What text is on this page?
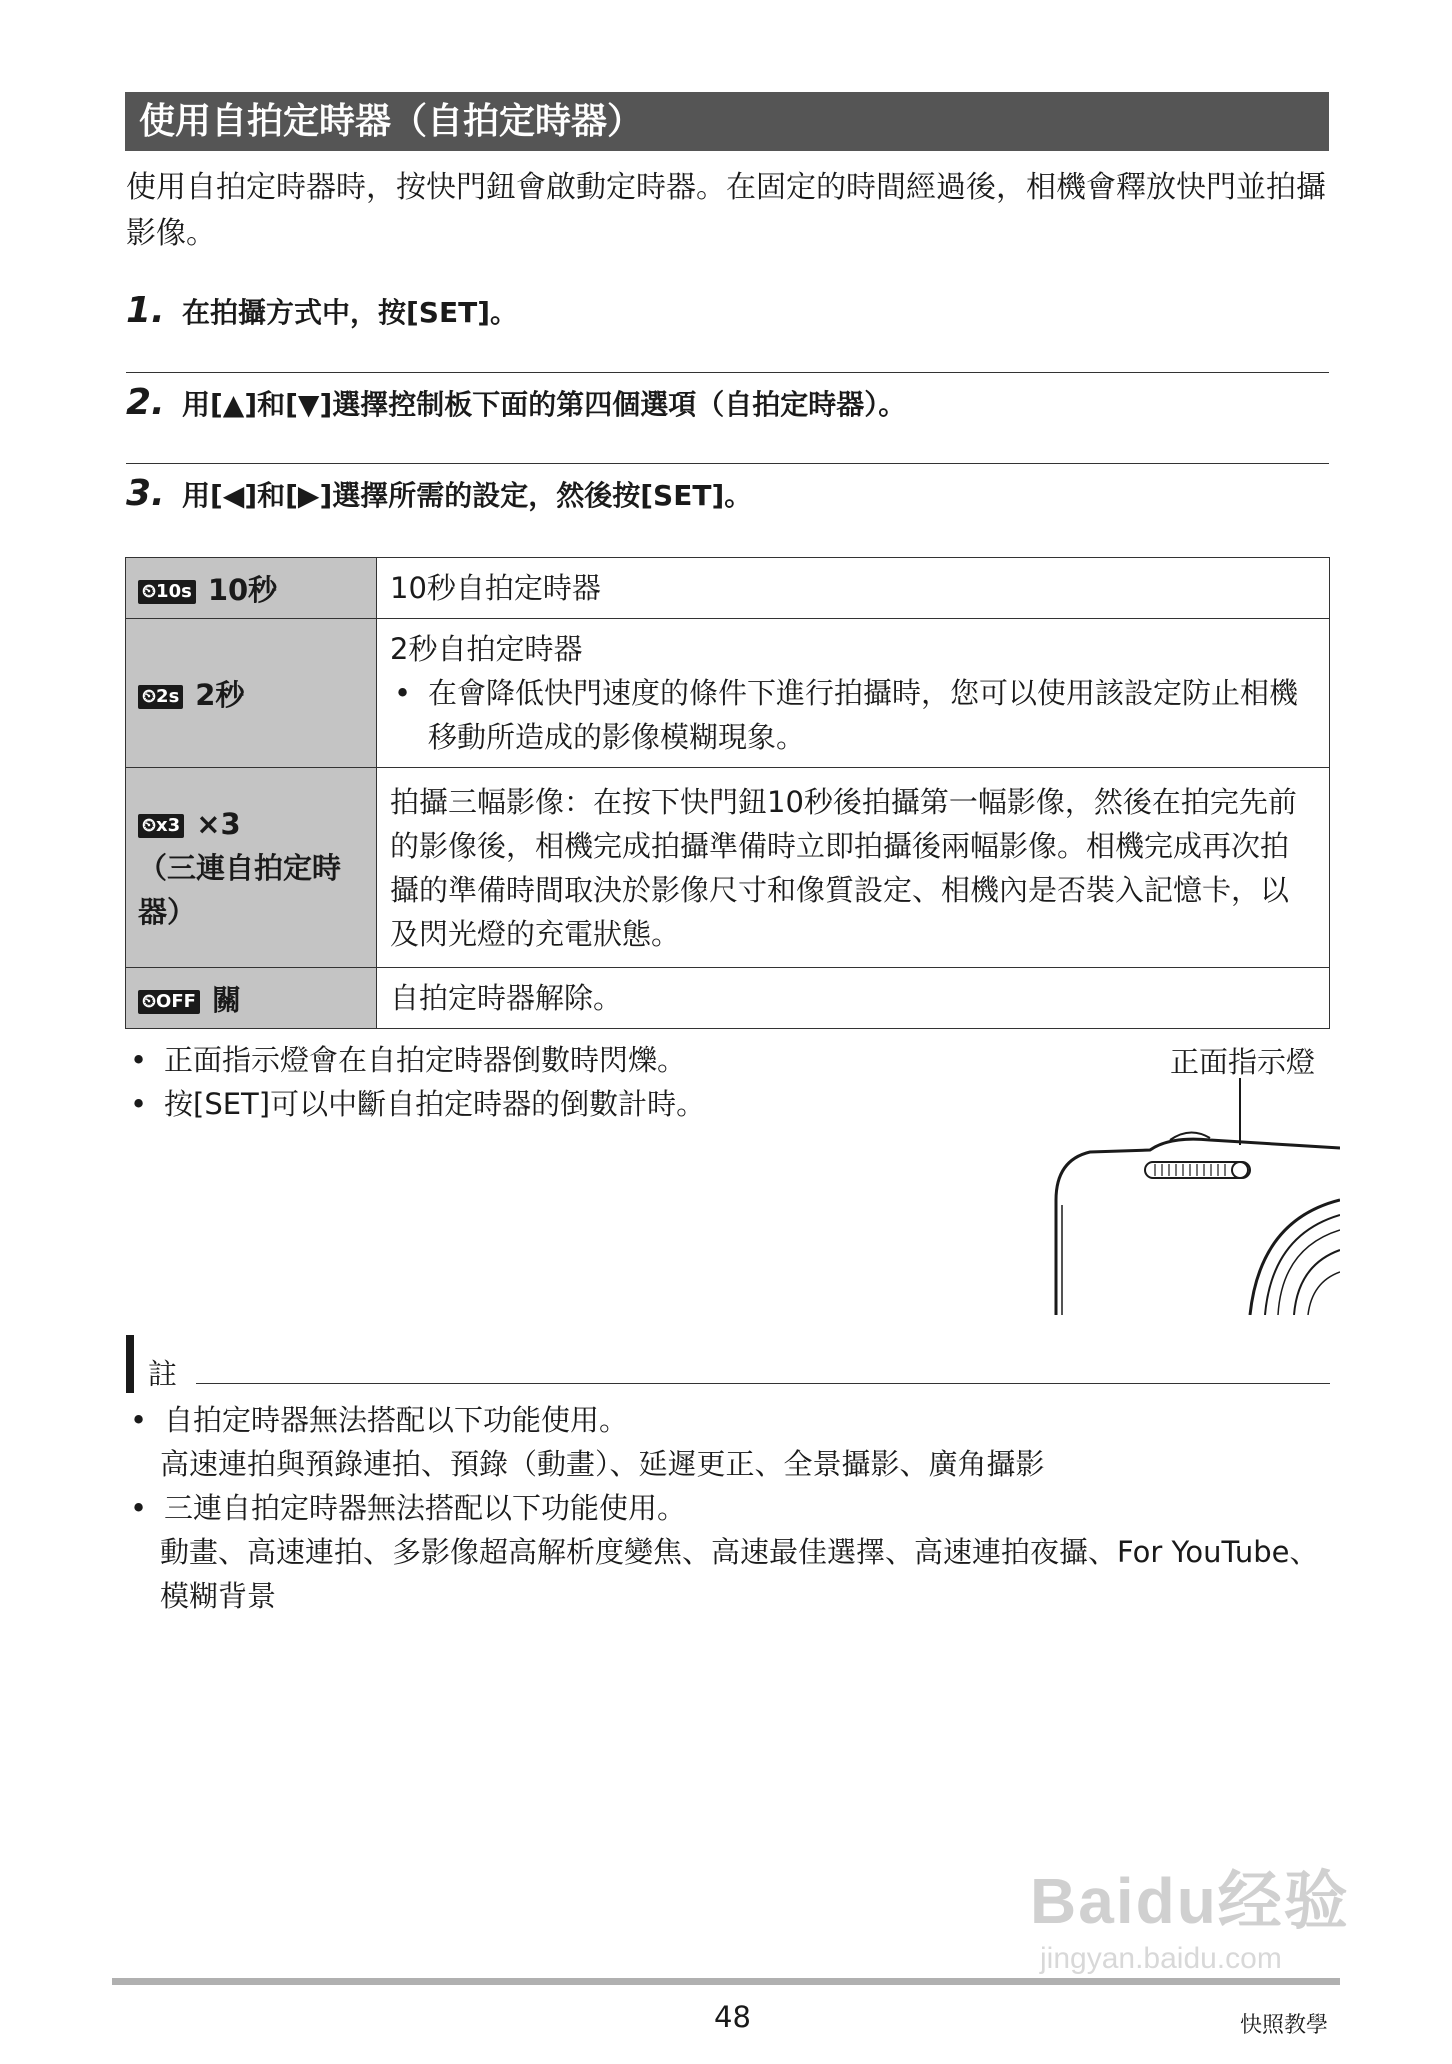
使用自拍定時器（自拍定時器）
使用自拍定時器時，按快門鈕會啟動定時器。在固定的時間經過後，相機會釋放快門並拍攝影像。
1. 在拍攝方式中，按[SET]。
2. 用[▲]和[▼]選擇控制板下面的第四個選項（自拍定時器）。
3. 用[◀]和[▶]選擇所需的設定，然後按[SET]。
⏲10s 10秒	10秒自拍定時器
⏲2s 2秒	2秒自拍定時器
• 在會降低快門速度的條件下進行拍攝時，您可以使用該設定防止相機移動所造成的影像模糊現象。

⏲x3 ×3
（三連自拍定時器）	拍攝三幅影像：在按下快門鈕10秒後拍攝第一幅影像，然後在拍完先前的影像後，相機完成拍攝準備時立即拍攝後兩幅影像。相機完成再次拍攝的準備時間取決於影像尺寸和像質設定、相機內是否裝入記憶卡，以及閃光燈的充電狀態。
⏲OFF 關	自拍定時器解除。
• 正面指示燈會在自拍定時器倒數時閃爍。
• 按[SET]可以中斷自拍定時器的倒數計時。
正面指示燈
註
• 自拍定時器無法搭配以下功能使用。
高速連拍與預錄連拍、預錄（動畫）、延遲更正、全景攝影、廣角攝影
• 三連自拍定時器無法搭配以下功能使用。
動畫、高速連拍、多影像超高解析度變焦、高速最佳選擇、高速連拍夜攝、For YouTube、模糊背景
Baidu经验
jingyan.baidu.com
48	快照教學
